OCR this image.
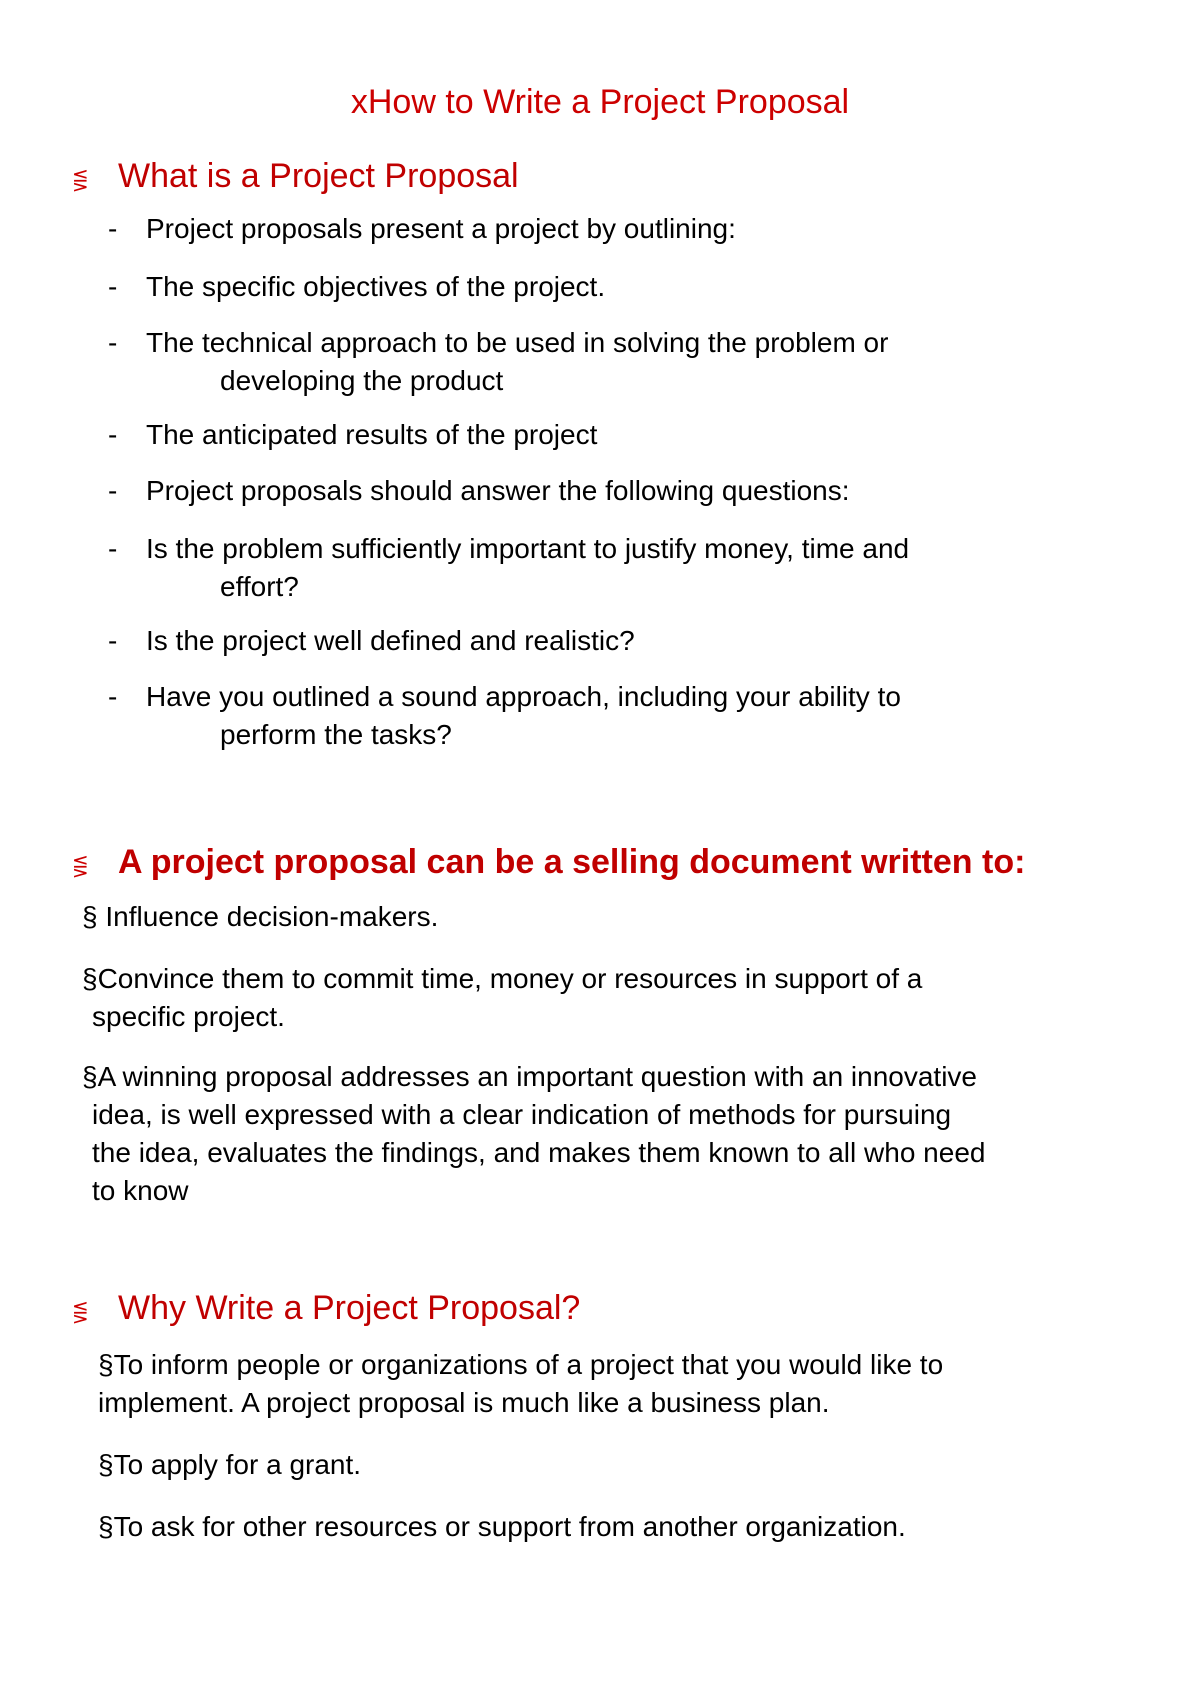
xHow to Write a Project Proposal
⋚ What is a Project Proposal
- Project proposals present a project by outlining:
- The specific objectives of the project.
- The technical approach to be used in solving the problem or
developing the product
- The anticipated results of the project
- Project proposals should answer the following questions:
- Is the problem sufficiently important to justify money, time and
effort?
- Is the project well defined and realistic?
- Have you outlined a sound approach, including your ability to
perform the tasks?
⋚ A project proposal can be a selling document written to:
§ Influence decision-makers.
§Convince them to commit time, money or resources in support of a
specific project.
§A winning proposal addresses an important question with an innovative
idea, is well expressed with a clear indication of methods for pursuing
the idea, evaluates the findings, and makes them known to all who need
to know
⋚ Why Write a Project Proposal?
§To inform people or organizations of a project that you would like to
implement. A project proposal is much like a business plan.
§To apply for a grant.
§To ask for other resources or support from another organization.
